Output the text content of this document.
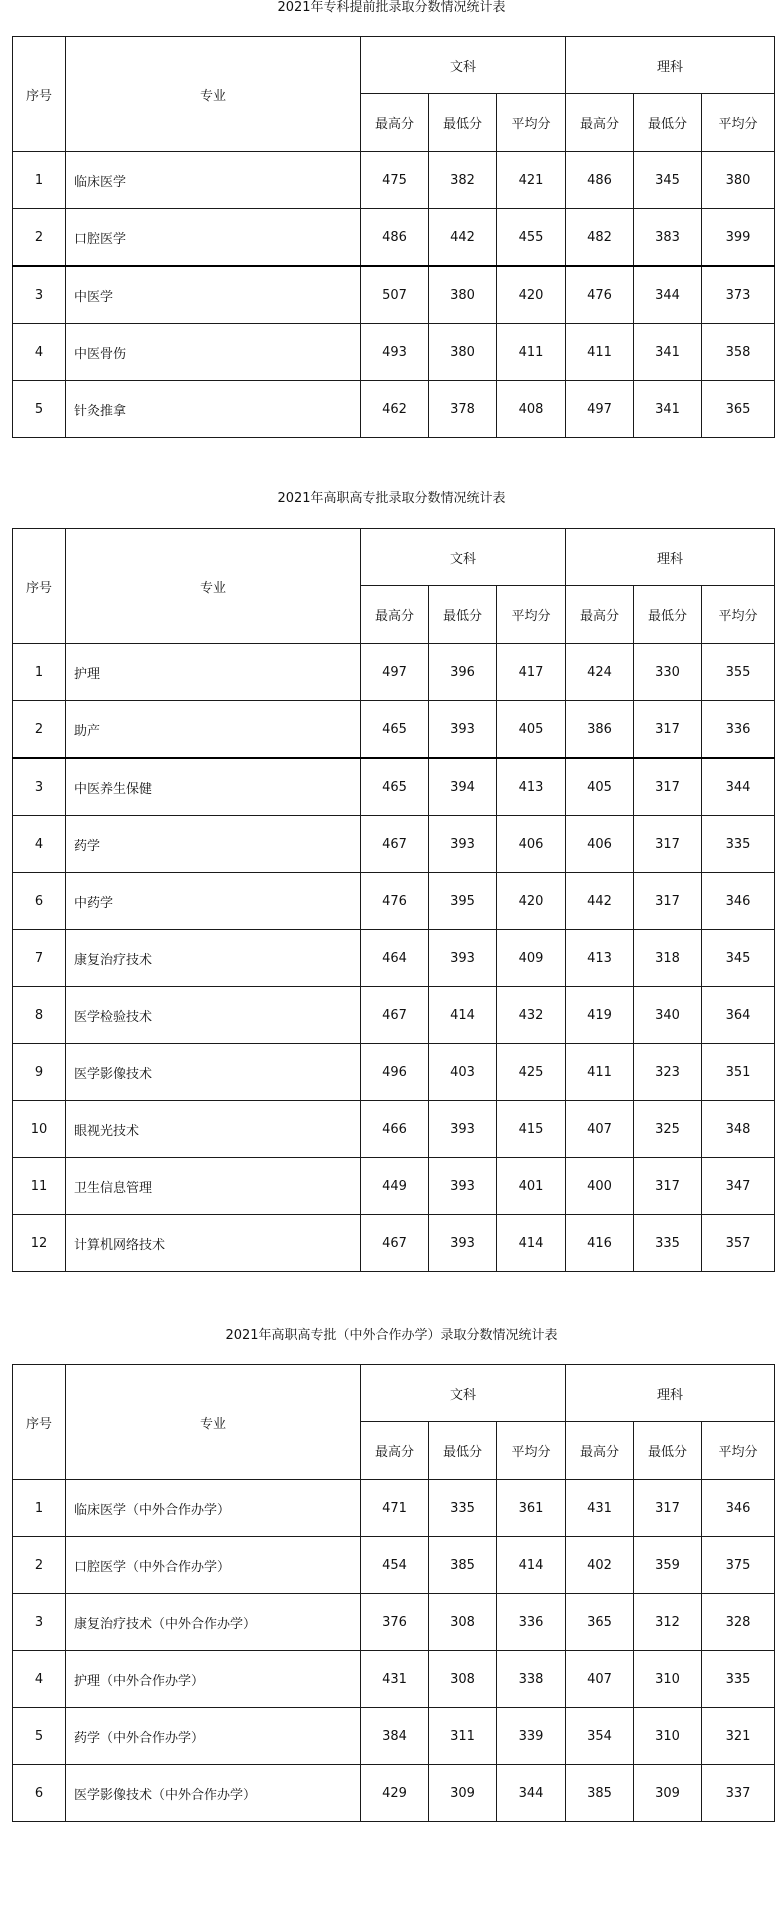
2021年专科提前批录取分数情况统计表
序号	专业	文科			理科		
		最高分	最低分	平均分	最高分	最低分	平均分
1	临床医学	475	382	421	486	345	380
2	口腔医学	486	442	455	482	383	399
3	中医学	507	380	420	476	344	373
4	中医骨伤	493	380	411	411	341	358
5	针灸推拿	462	378	408	497	341	365
2021年高职高专批录取分数情况统计表
序号	专业	文科			理科		
		最高分	最低分	平均分	最高分	最低分	平均分
1	护理	497	396	417	424	330	355
2	助产	465	393	405	386	317	336
3	中医养生保健	465	394	413	405	317	344
4	药学	467	393	406	406	317	335
6	中药学	476	395	420	442	317	346
7	康复治疗技术	464	393	409	413	318	345
8	医学检验技术	467	414	432	419	340	364
9	医学影像技术	496	403	425	411	323	351
10	眼视光技术	466	393	415	407	325	348
11	卫生信息管理	449	393	401	400	317	347
12	计算机网络技术	467	393	414	416	335	357
2021年高职高专批（中外合作办学）录取分数情况统计表
序号	专业	文科			理科		
		最高分	最低分	平均分	最高分	最低分	平均分
1	临床医学（中外合作办学）	471	335	361	431	317	346
2	口腔医学（中外合作办学）	454	385	414	402	359	375
3	康复治疗技术（中外合作办学）	376	308	336	365	312	328
4	护理（中外合作办学）	431	308	338	407	310	335
5	药学（中外合作办学）	384	311	339	354	310	321
6	医学影像技术（中外合作办学）	429	309	344	385	309	337
